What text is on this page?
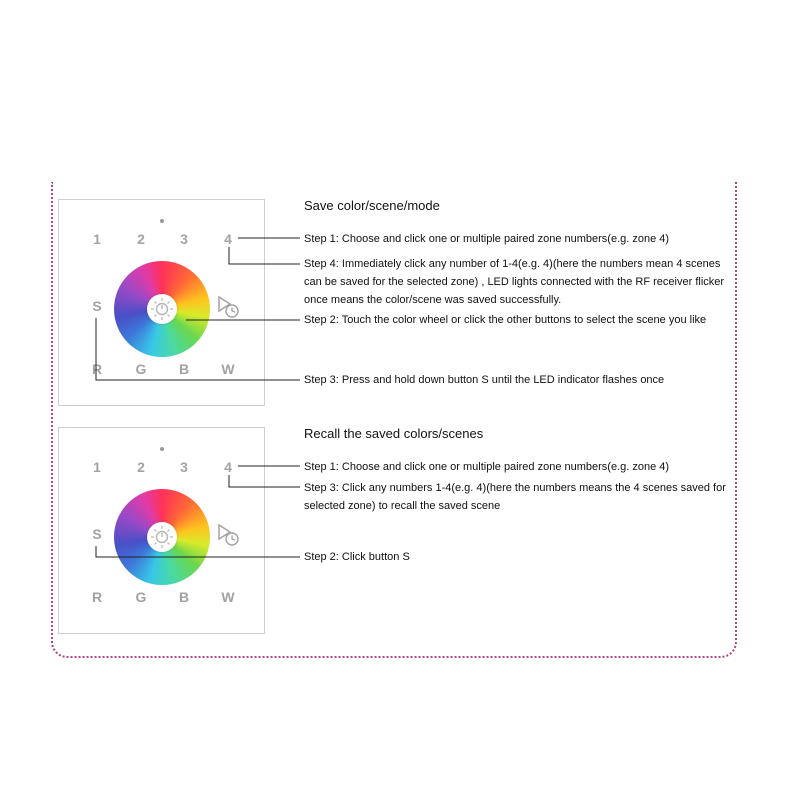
1	2	3	4
S
R	G	B	W
1	2	3	4
S
R	G	B	W
Save color/scene/mode
Step 1: Choose and click one or multiple paired zone numbers(e.g. zone 4)
Step 4: Immediately click any number of 1-4(e.g. 4)(here the numbers mean 4 scenes can be saved for the selected zone) , LED lights connected with the RF receiver flicker once means the color/scene was saved successfully.
Step 2: Touch the color wheel or click the other buttons to select the scene you like
Step 3: Press and hold down button S until the LED indicator flashes once
Recall the saved colors/scenes
Step 1: Choose and click one or multiple paired zone numbers(e.g. zone 4)
Step 3: Click any numbers 1-4(e.g. 4)(here the numbers means the 4 scenes saved for selected zone) to recall the saved scene
Step 2: Click button S
